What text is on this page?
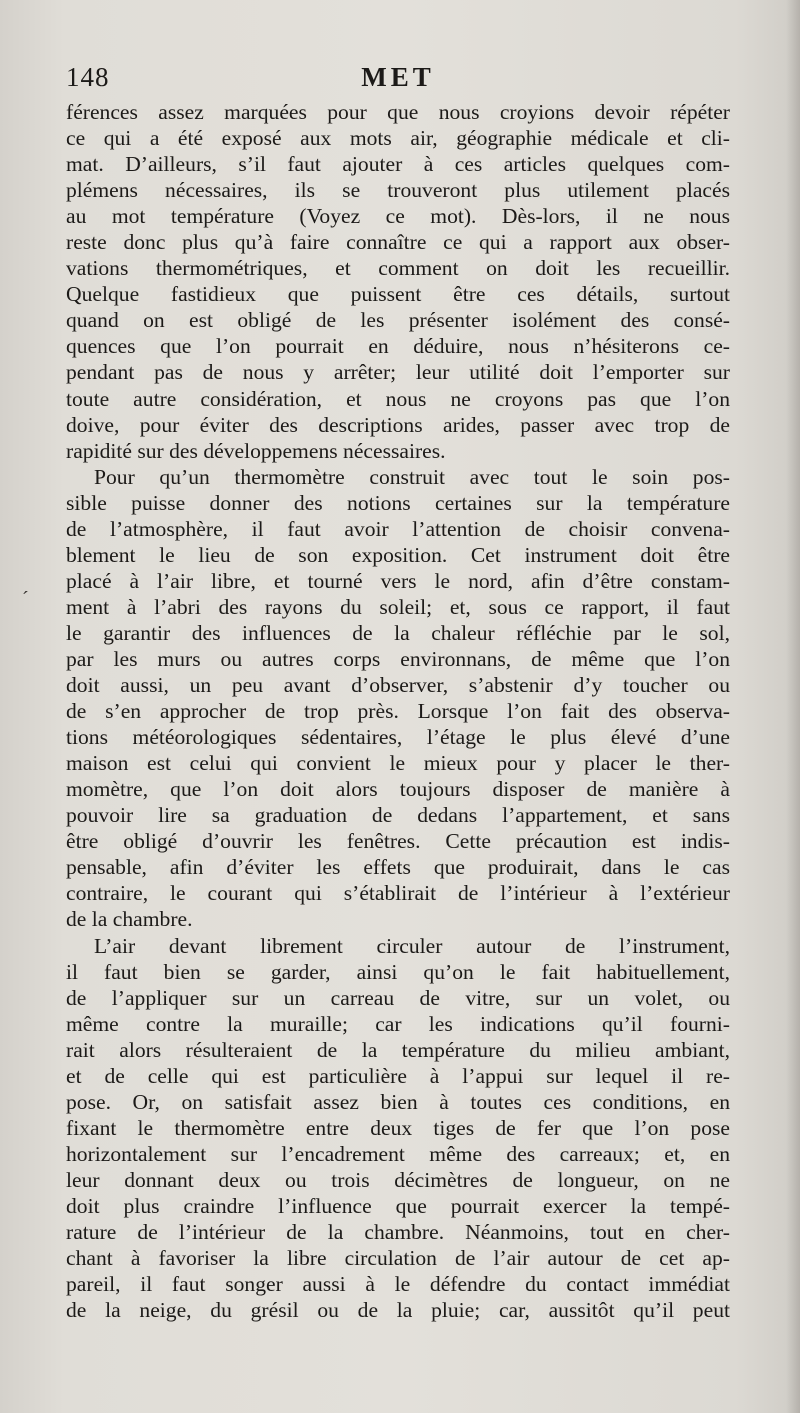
148	MET
´
férences assez marquées pour que nous croyions devoir répéter
ce qui a été exposé aux mots air, géographie médicale et cli-
mat. D’ailleurs, s’il faut ajouter à ces articles quelques com-
plémens nécessaires, ils se trouveront plus utilement placés
au mot température (Voyez ce mot). Dès-lors, il ne nous
reste donc plus qu’à faire connaître ce qui a rapport aux obser-
vations thermométriques, et comment on doit les recueillir.
Quelque fastidieux que puissent être ces détails, surtout
quand on est obligé de les présenter isolément des consé-
quences que l’on pourrait en déduire, nous n’hésiterons ce-
pendant pas de nous y arrêter; leur utilité doit l’emporter sur
toute autre considération, et nous ne croyons pas que l’on
doive, pour éviter des descriptions arides, passer avec trop de
rapidité sur des développemens nécessaires.
Pour qu’un thermomètre construit avec tout le soin pos-
sible puisse donner des notions certaines sur la température
de l’atmosphère, il faut avoir l’attention de choisir convena-
blement le lieu de son exposition. Cet instrument doit être
placé à l’air libre, et tourné vers le nord, afin d’être constam-
ment à l’abri des rayons du soleil; et, sous ce rapport, il faut
le garantir des influences de la chaleur réfléchie par le sol,
par les murs ou autres corps environnans, de même que l’on
doit aussi, un peu avant d’observer, s’abstenir d’y toucher ou
de s’en approcher de trop près. Lorsque l’on fait des observa-
tions météorologiques sédentaires, l’étage le plus élevé d’une
maison est celui qui convient le mieux pour y placer le ther-
momètre, que l’on doit alors toujours disposer de manière à
pouvoir lire sa graduation de dedans l’appartement, et sans
être obligé d’ouvrir les fenêtres. Cette précaution est indis-
pensable, afin d’éviter les effets que produirait, dans le cas
contraire, le courant qui s’établirait de l’intérieur à l’extérieur
de la chambre.
L’air devant librement circuler autour de l’instrument,
il faut bien se garder, ainsi qu’on le fait habituellement,
de l’appliquer sur un carreau de vitre, sur un volet, ou
même contre la muraille; car les indications qu’il fourni-
rait alors résulteraient de la température du milieu ambiant,
et de celle qui est particulière à l’appui sur lequel il re-
pose. Or, on satisfait assez bien à toutes ces conditions, en
fixant le thermomètre entre deux tiges de fer que l’on pose
horizontalement sur l’encadrement même des carreaux; et, en
leur donnant deux ou trois décimètres de longueur, on ne
doit plus craindre l’influence que pourrait exercer la tempé-
rature de l’intérieur de la chambre. Néanmoins, tout en cher-
chant à favoriser la libre circulation de l’air autour de cet ap-
pareil, il faut songer aussi à le défendre du contact immédiat
de la neige, du grésil ou de la pluie; car, aussitôt qu’il peut
